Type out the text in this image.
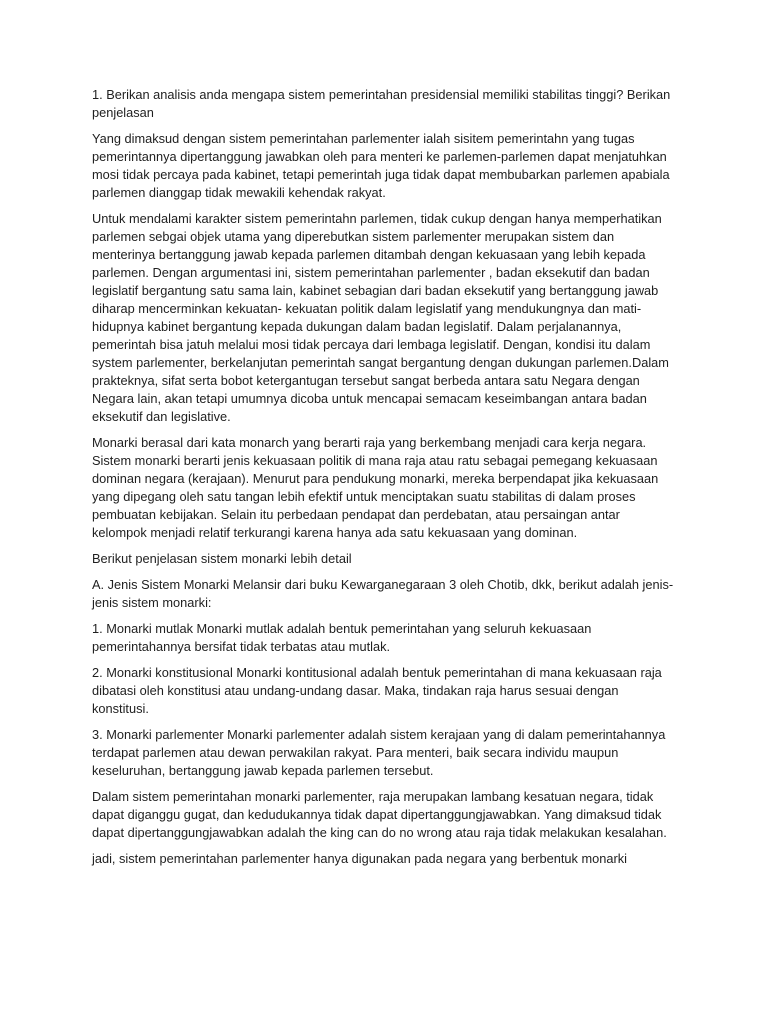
1. Berikan analisis anda mengapa sistem pemerintahan presidensial memiliki stabilitas tinggi? Berikan penjelasan

Yang dimaksud dengan sistem pemerintahan parlementer ialah sisitem pemerintahn yang tugas pemerintannya dipertanggung jawabkan oleh para menteri ke parlemen-parlemen dapat menjatuhkan mosi tidak percaya pada kabinet, tetapi pemerintah juga tidak dapat membubarkan parlemen apabiala parlemen dianggap tidak mewakili kehendak rakyat.

Untuk mendalami karakter sistem pemerintahn parlemen, tidak cukup dengan hanya memperhatikan parlemen sebgai objek utama yang diperebutkan sistem parlementer merupakan sistem dan menterinya bertanggung jawab kepada parlemen ditambah dengan kekuasaan yang lebih kepada parlemen. Dengan argumentasi ini, sistem pemerintahan parlementer , badan eksekutif dan badan legislatif bergantung satu sama lain, kabinet sebagian dari badan eksekutif yang bertanggung jawab diharap mencerminkan kekuatan- kekuatan politik dalam legislatif yang mendukungnya dan mati-hidupnya kabinet bergantung kepada dukungan dalam badan legislatif. Dalam perjalanannya, pemerintah bisa jatuh melalui mosi tidak percaya dari lembaga legislatif. Dengan, kondisi itu dalam system parlementer, berkelanjutan pemerintah sangat bergantung dengan dukungan parlemen.Dalam prakteknya, sifat serta bobot ketergantugan tersebut sangat berbeda antara satu Negara dengan Negara lain, akan tetapi umumnya dicoba untuk mencapai semacam keseimbangan antara badan eksekutif dan legislative.

Monarki berasal dari kata monarch yang berarti raja yang berkembang menjadi cara kerja negara. Sistem monarki berarti jenis kekuasaan politik di mana raja atau ratu sebagai pemegang kekuasaan dominan negara (kerajaan). Menurut para pendukung monarki, mereka berpendapat jika kekuasaan yang dipegang oleh satu tangan lebih efektif untuk menciptakan suatu stabilitas di dalam proses pembuatan kebijakan. Selain itu perbedaan pendapat dan perdebatan, atau persaingan antar kelompok menjadi relatif terkurangi karena hanya ada satu kekuasaan yang dominan.

Berikut penjelasan sistem monarki lebih detail

A. Jenis Sistem Monarki Melansir dari buku Kewarganegaraan 3 oleh Chotib, dkk, berikut adalah jenis-jenis sistem monarki:

1. Monarki mutlak Monarki mutlak adalah bentuk pemerintahan yang seluruh kekuasaan pemerintahannya bersifat tidak terbatas atau mutlak.

2. Monarki konstitusional Monarki kontitusional adalah bentuk pemerintahan di mana kekuasaan raja dibatasi oleh konstitusi atau undang-undang dasar. Maka, tindakan raja harus sesuai dengan konstitusi.

3. Monarki parlementer Monarki parlementer adalah sistem kerajaan yang di dalam pemerintahannya terdapat parlemen atau dewan perwakilan rakyat. Para menteri, baik secara individu maupun keseluruhan, bertanggung jawab kepada parlemen tersebut.

Dalam sistem pemerintahan monarki parlementer, raja merupakan lambang kesatuan negara, tidak dapat diganggu gugat, dan kedudukannya tidak dapat dipertanggungjawabkan. Yang dimaksud tidak dapat dipertanggungjawabkan adalah the king can do no wrong atau raja tidak melakukan kesalahan.

jadi, sistem pemerintahan parlementer hanya digunakan pada negara yang berbentuk monarki
